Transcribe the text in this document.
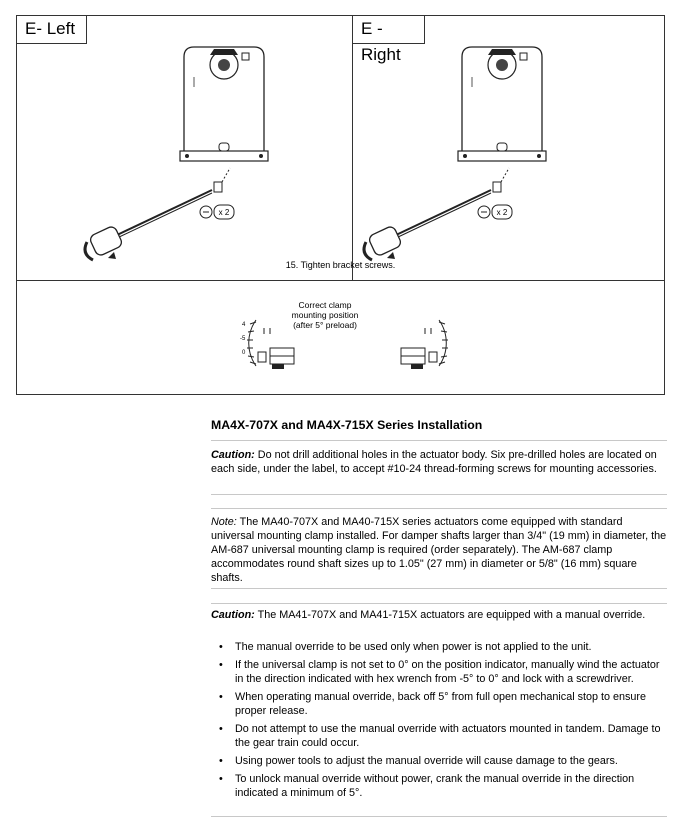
E- Left	E - Right
15. Tighten bracket screws.
x 2	x 2
4
-5
0
Correct clamp mounting position (after 5° preload)
MA4X-707X and MA4X-715X Series Installation
Caution: Do not drill additional holes in the actuator body. Six pre-drilled holes are located on each side, under the label, to accept #10-24 thread-forming screws for mounting accessories.
Note: The MA40-707X and MA40-715X series actuators come equipped with standard universal mounting clamp installed. For damper shafts larger than 3/4" (19 mm) in diameter, the AM-687 universal mounting clamp is required (order separately). The AM-687 clamp accommodates round shaft sizes up to 1.05" (27 mm) in diameter or 5/8" (16 mm) square shafts.
Caution: The MA41-707X and MA41-715X actuators are equipped with a manual override.
• The manual override to be used only when power is not applied to the unit.
• If the universal clamp is not set to 0° on the position indicator, manually wind the actuator in the direction indicated with hex wrench from -5° to 0° and lock with a screwdriver.
• When operating manual override, back off 5° from full open mechanical stop to ensure proper release.
• Do not attempt to use the manual override with actuators mounted in tandem. Damage to the gear train could occur.
• Using power tools to adjust the manual override will cause damage to the gears.
• To unlock manual override without power, crank the manual override in the direction indicated a minimum of 5°.
